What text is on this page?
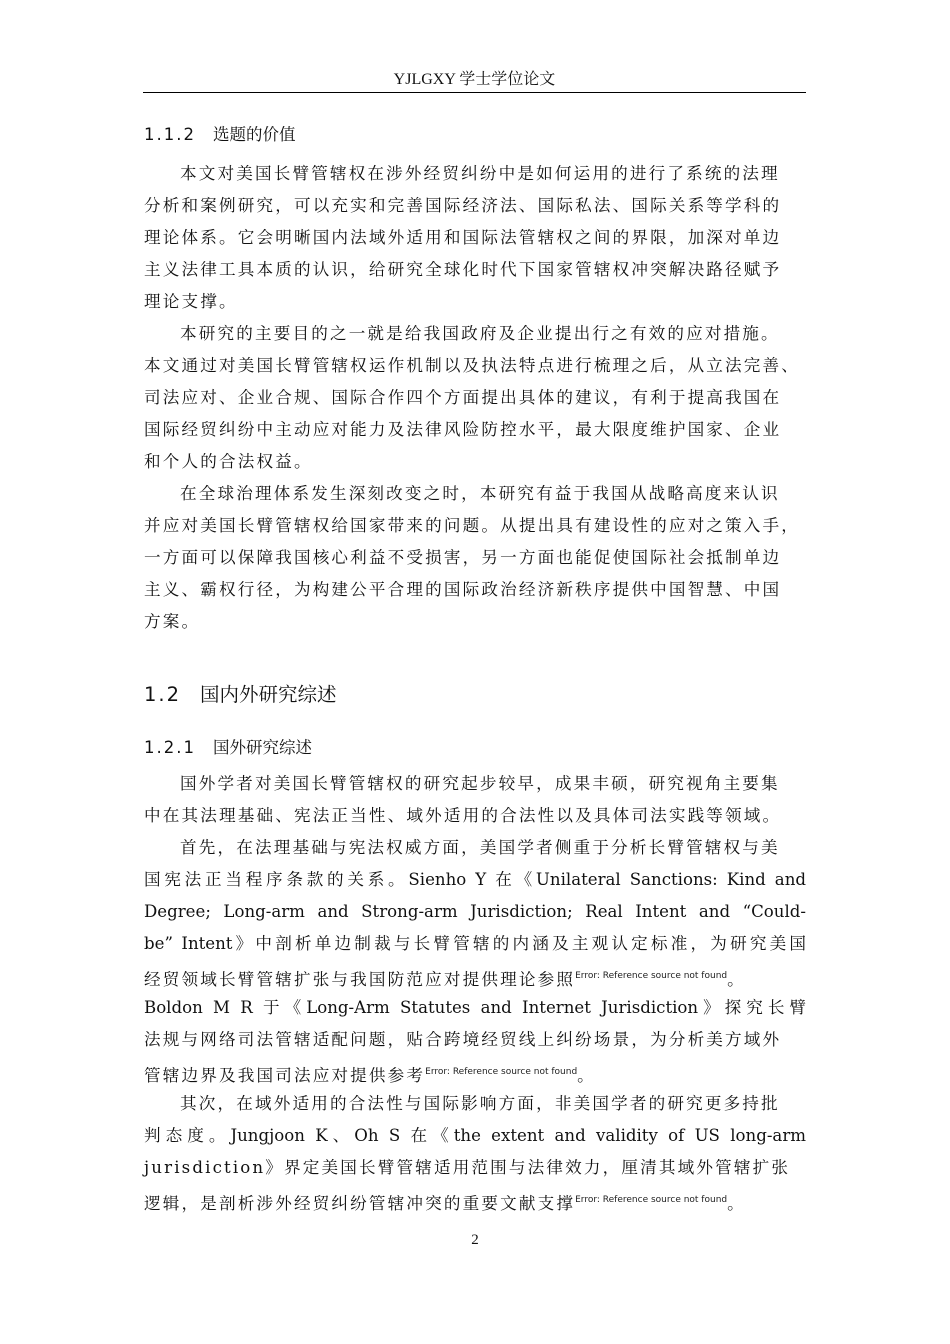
YJLGXY 学士学位论文
1.1.2 选题的价值
本文对美国长臂管辖权在涉外经贸纠纷中是如何运用的进行了系统的法理
分析和案例研究，可以充实和完善国际经济法、国际私法、国际关系等学科的
理论体系。它会明晰国内法域外适用和国际法管辖权之间的界限，加深对单边
主义法律工具本质的认识，给研究全球化时代下国家管辖权冲突解决路径赋予
理论支撑。
本研究的主要目的之一就是给我国政府及企业提出行之有效的应对措施。
本文通过对美国长臂管辖权运作机制以及执法特点进行梳理之后，从立法完善、
司法应对、企业合规、国际合作四个方面提出具体的建议，有利于提高我国在
国际经贸纠纷中主动应对能力及法律风险防控水平，最大限度维护国家、企业
和个人的合法权益。
在全球治理体系发生深刻改变之时，本研究有益于我国从战略高度来认识
并应对美国长臂管辖权给国家带来的问题。从提出具有建设性的应对之策入手，
一方面可以保障我国核心利益不受损害，另一方面也能促使国际社会抵制单边
主义、霸权行径，为构建公平合理的国际政治经济新秩序提供中国智慧、中国
方案。
1.2 国内外研究综述
1.2.1 国外研究综述
国外学者对美国长臂管辖权的研究起步较早，成果丰硕，研究视角主要集
中在其法理基础、宪法正当性、域外适用的合法性以及具体司法实践等领域。
首先，在法理基础与宪法权威方面，美国学者侧重于分析长臂管辖权与美
国宪法正当程序条款的关系。Sienho Y 在《Unilateral Sanctions: Kind and
Degree; Long-arm and Strong-arm Jurisdiction; Real Intent and “Could-
be” Intent》中剖析单边制裁与长臂管辖的内涵及主观认定标准，为研究美国
经贸领域长臂管辖扩张与我国防范应对提供理论参照$^{Error: Reference source not found}$。
Boldon M R 于《Long-Arm Statutes and Internet Jurisdiction》探究长臂
法规与网络司法管辖适配问题，贴合跨境经贸线上纠纷场景，为分析美方域外
管辖边界及我国司法应对提供参考$^{Error: Reference source not found}$。
其次，在域外适用的合法性与国际影响方面，非美国学者的研究更多持批
判态度。Jungjoon K、Oh S 在《the extent and validity of US long-arm
jurisdiction》界定美国长臂管辖适用范围与法律效力，厘清其域外管辖扩张
逻辑，是剖析涉外经贸纠纷管辖冲突的重要文献支撑$^{Error: Reference source not found}$。
2
